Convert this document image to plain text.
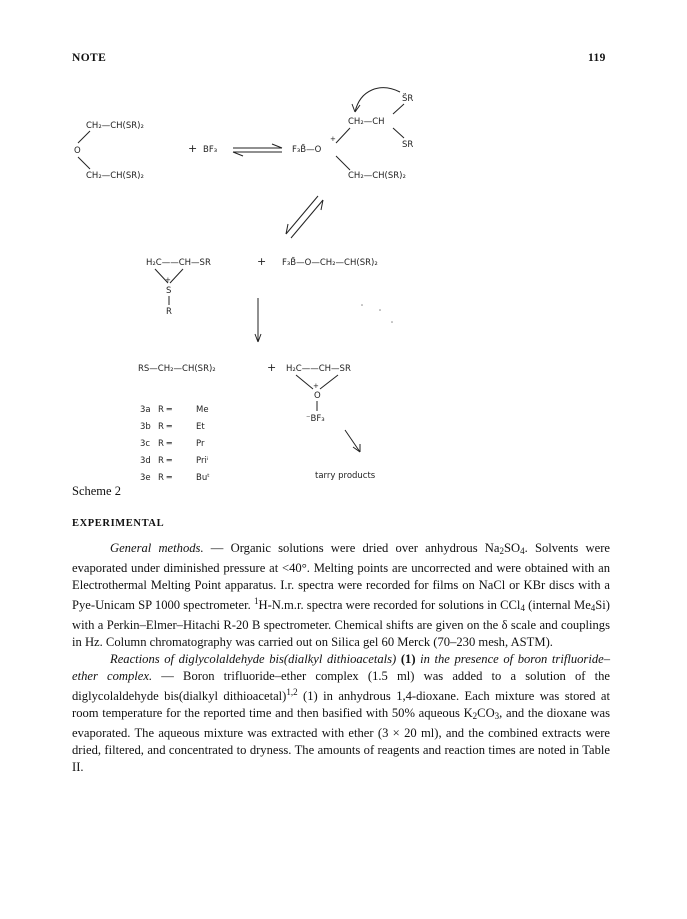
NOTE	119
CH₂—CH(SR)₂
O
CH₂—CH(SR)₂
+ BF₃	F₃B̄—O
+
CH₂—CH
S̈R
SR
CH₂—CH(SR)₂
H₂C——CH—SR
+
S
R
+ F₃B̄—O—CH₂—CH(SR)₂
RS—CH₂—CH(SR)₂	+ H₂C——CH—SR
+
O
⁻BF₃
tarry products
3a R ═	Me
3b R ═	Et
3c R ═	Pr
3d R ═	Priⁱ
3e R ═	Buᵗ
Scheme 2
EXPERIMENTAL

General methods. — Organic solutions were dried over anhydrous $Na_2SO_4$. Solvents were evaporated under diminished pressure at <40°. Melting points are uncorrected and were obtained with an Electrothermal Melting Point apparatus. I.r. spectra were recorded for films on NaCl or KBr discs with a Pye-Unicam SP 1000 spectrometer. $^1$H-N.m.r. spectra were recorded for solutions in CCl$_4$ (internal $Me_4Si$) with a Perkin–Elmer–Hitachi R-20 B spectrometer. Chemical shifts are given on the δ scale and couplings in Hz. Column chromatography was carried out on Silica gel 60 Merck (70–230 mesh, ASTM).

Reactions of diglycolaldehyde bis(dialkyl dithioacetals) (1) in the presence of boron trifluoride–ether complex. — Boron trifluoride–ether complex (1.5 ml) was added to a solution of the diglycolaldehyde bis(dialkyl dithioacetal)$^{1,2}$ (1) in anhydrous 1,4-dioxane. Each mixture was stored at room temperature for the reported time and then basified with 50% aqueous $K_2CO_3$, and the dioxane was evaporated. The aqueous mixture was extracted with ether (3 × 20 ml), and the combined extracts were dried, filtered, and concentrated to dryness. The amounts of reagents and reaction times are noted in Table II.
